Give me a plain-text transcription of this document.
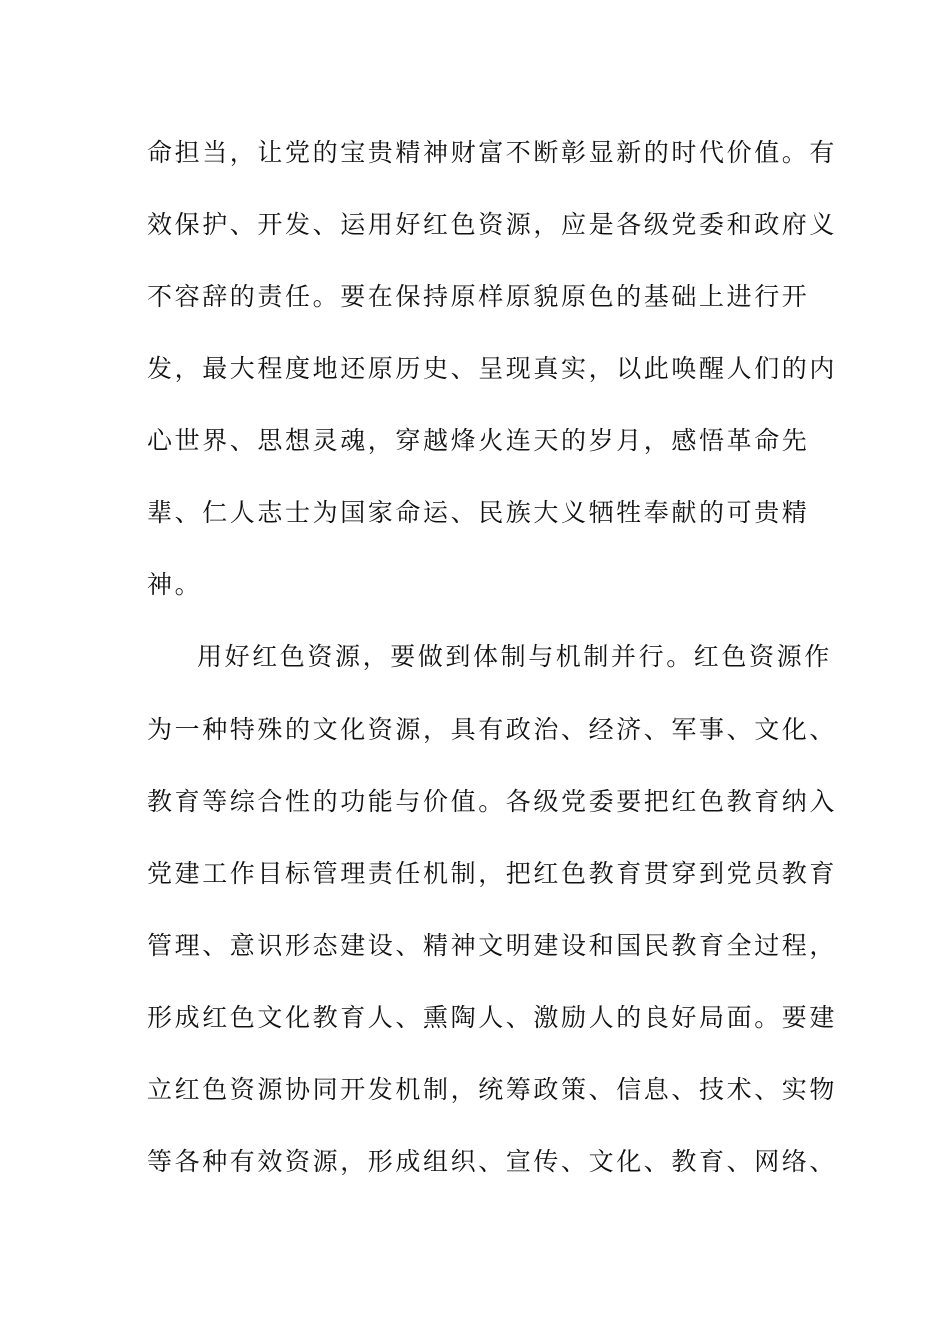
命担当，让党的宝贵精神财富不断彰显新的时代价值。有
效保护、开发、运用好红色资源，应是各级党委和政府义
不容辞的责任。要在保持原样原貌原色的基础上进行开
发，最大程度地还原历史、呈现真实，以此唤醒人们的内
心世界、思想灵魂，穿越烽火连天的岁月，感悟革命先
辈、仁人志士为国家命运、民族大义牺牲奉献的可贵精
神。
用好红色资源，要做到体制与机制并行。红色资源作
为一种特殊的文化资源，具有政治、经济、军事、文化、
教育等综合性的功能与价值。各级党委要把红色教育纳入
党建工作目标管理责任机制，把红色教育贯穿到党员教育
管理、意识形态建设、精神文明建设和国民教育全过程，
形成红色文化教育人、熏陶人、激励人的良好局面。要建
立红色资源协同开发机制，统筹政策、信息、技术、实物
等各种有效资源，形成组织、宣传、文化、教育、网络、
